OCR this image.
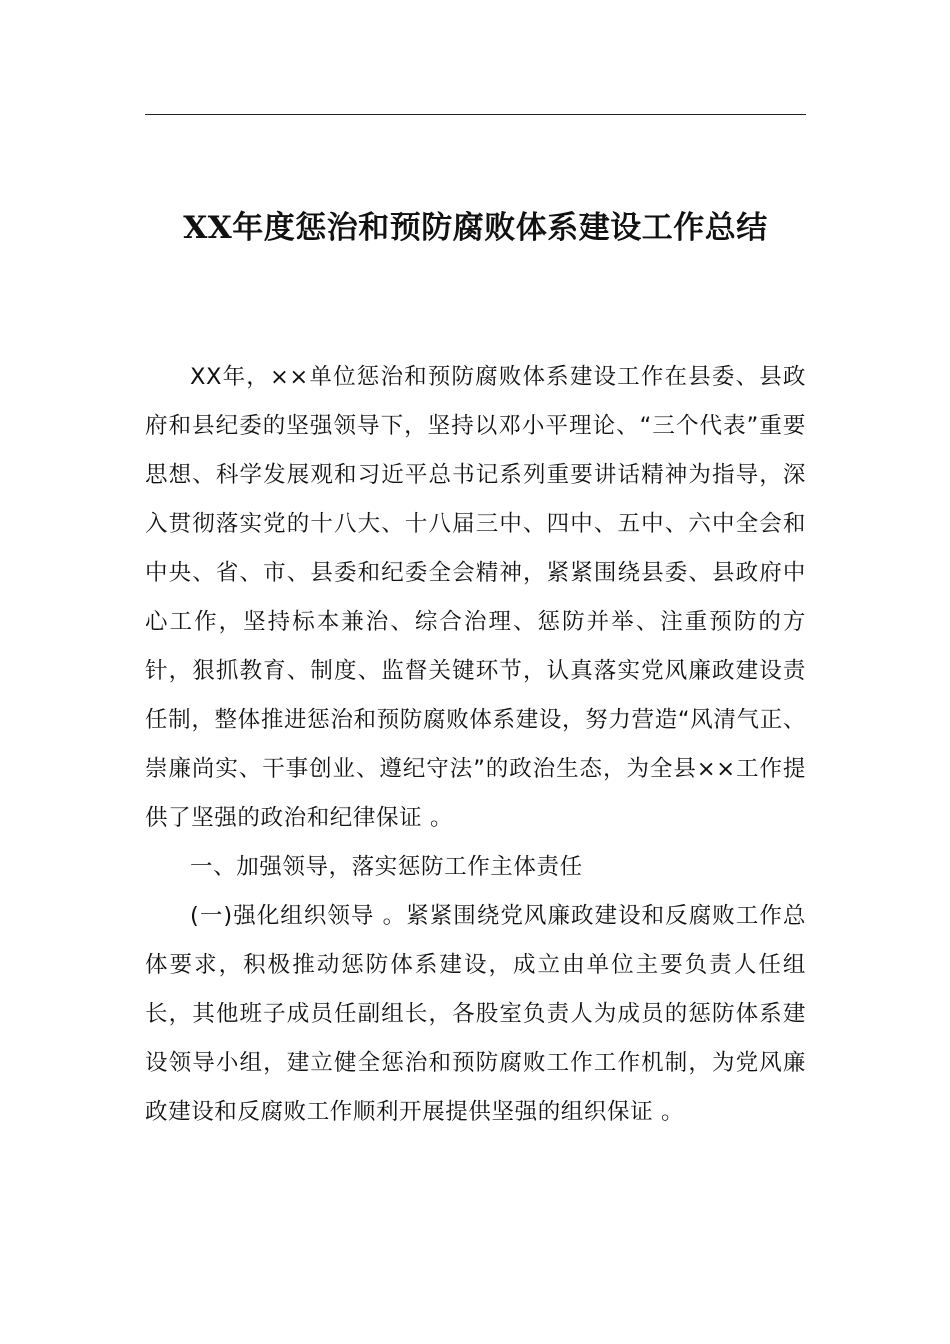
XX年度惩治和预防腐败体系建设工作总结

XX年，××单位惩治和预防腐败体系建设工作在县委、县政府和县纪委的坚强领导下，坚持以邓小平理论、“三个代表”重要思想、科学发展观和习近平总书记系列重要讲话精神为指导，深入贯彻落实党的十八大、十八届三中、四中、五中、六中全会和中央、省、市、县委和纪委全会精神，紧紧围绕县委、县政府中心工作，坚持标本兼治、综合治理、惩防并举、注重预防的方针，狠抓教育、制度、监督关键环节，认真落实党风廉政建设责任制，整体推进惩治和预防腐败体系建设，努力营造“风清气正、崇廉尚实、干事创业、遵纪守法”的政治生态，为全县××工作提供了坚强的政治和纪律保证 。

一、加强领导，落实惩防工作主体责任

(一)强化组织领导 。紧紧围绕党风廉政建设和反腐败工作总体要求，积极推动惩防体系建设，成立由单位主要负责人任组长，其他班子成员任副组长，各股室负责人为成员的惩防体系建设领导小组，建立健全惩治和预防腐败工作工作机制，为党风廉政建设和反腐败工作顺利开展提供坚强的组织保证 。
